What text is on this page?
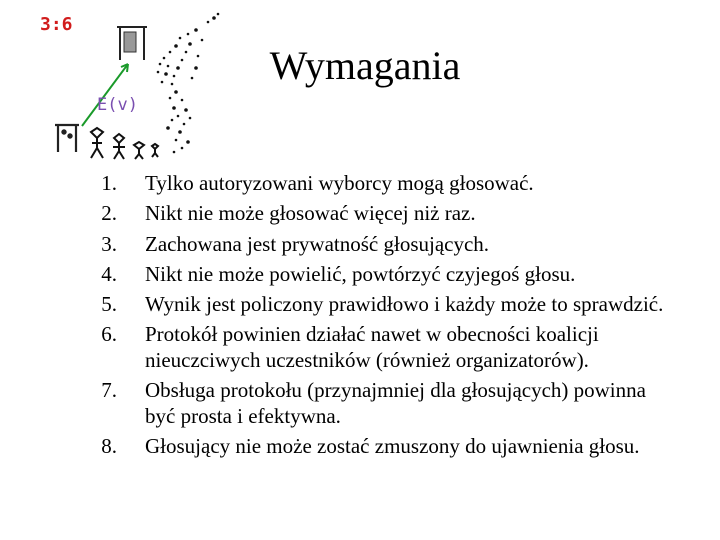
3:6
E(v)
Wymagania
1. Tylko autoryzowani wyborcy mogą głosować.
2. Nikt nie może głosować więcej niż raz.
3. Zachowana jest prywatność głosujących.
4. Nikt nie może powielić, powtórzyć czyjegoś głosu.
5. Wynik jest policzony prawidłowo i każdy może to sprawdzić.
6. Protokół powinien działać nawet w obecności koalicji nieuczciwych uczestników (również organizatorów).
7. Obsługa protokołu (przynajmniej dla głosujących) powinna być prosta i efektywna.
8. Głosujący nie może zostać zmuszony do ujawnienia głosu.
